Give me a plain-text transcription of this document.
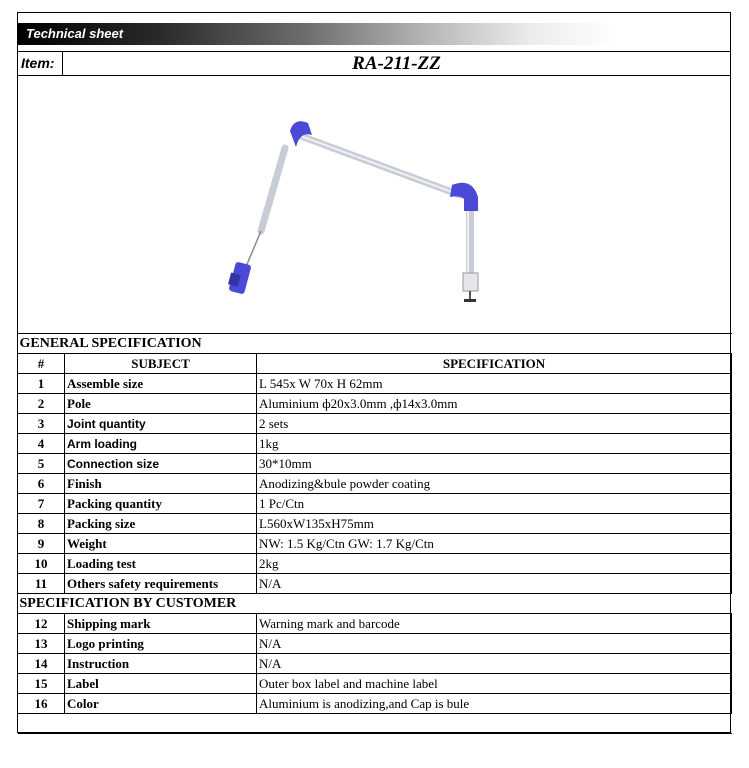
Technical sheet
Item:	RA-211-ZZ
GENERAL SPECIFICATION		
#	SUBJECT	SPECIFICATION
1	Assemble size	L 545x W 70x H 62mm
2	Pole	Aluminium ф20x3.0mm ,ф14x3.0mm
3	Joint quantity	2 sets
4	Arm loading	1kg
5	Connection size	30*10mm
6	Finish	Anodizing&bule powder coating
7	Packing quantity	1 Pc/Ctn
8	Packing size	L560xW135xH75mm
9	Weight	NW: 1.5 Kg/Ctn GW: 1.7 Kg/Ctn
10	Loading test	2kg
11	Others safety requirements	N/A
SPECIFICATION BY CUSTOMER		
12	Shipping mark	Warning mark and barcode
13	Logo printing	N/A
14	Instruction	N/A
15	Label	Outer box label and machine label
16	Color	Aluminium is anodizing,and Cap is bule
